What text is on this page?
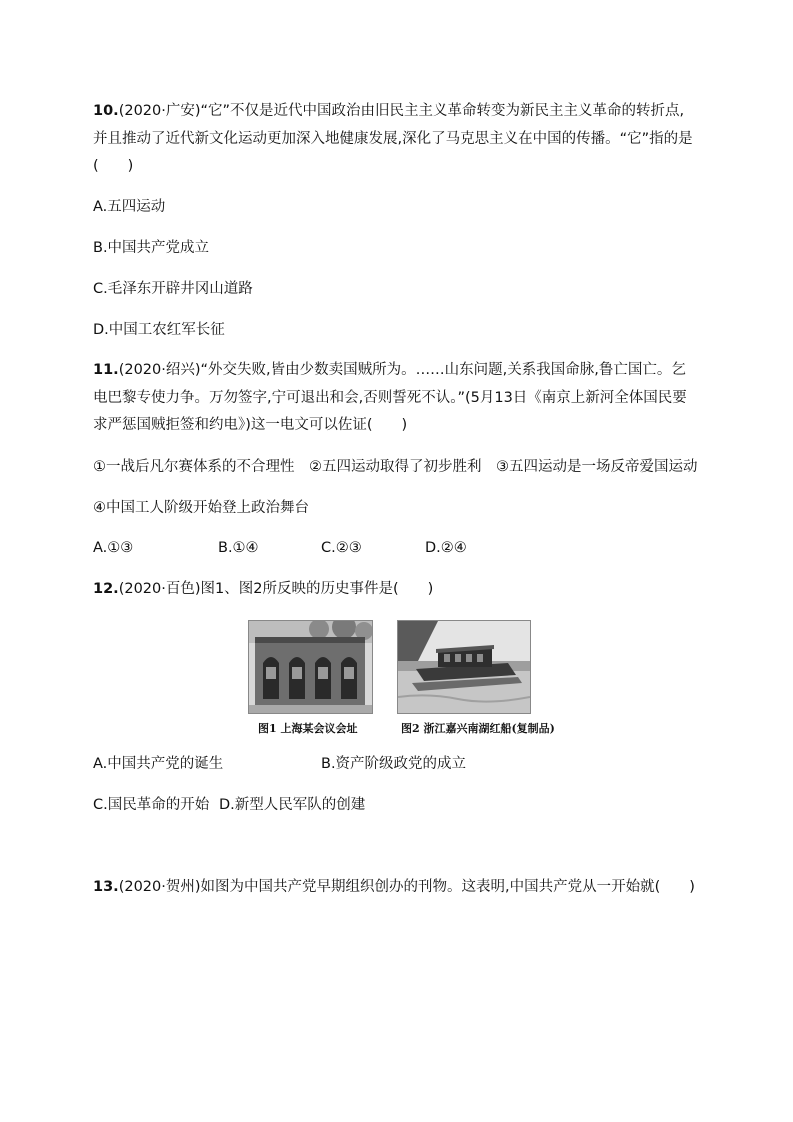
10.(2020·广安)“它”不仅是近代中国政治由旧民主主义革命转变为新民主主义革命的转折点,
并且推动了近代新文化运动更加深入地健康发展,深化了马克思主义在中国的传播。“它”指的是
(　　)
A.五四运动
B.中国共产党成立
C.毛泽东开辟井冈山道路
D.中国工农红军长征
11.(2020·绍兴)“外交失败,皆由少数卖国贼所为。……山东问题,关系我国命脉,鲁亡国亡。乞
电巴黎专使力争。万勿签字,宁可退出和会,否则誓死不认。”(5月13日《南京上新河全体国民要
求严惩国贼拒签和约电》)这一电文可以佐证(　　)
①一战后凡尔赛体系的不合理性　②五四运动取得了初步胜利　③五四运动是一场反帝爱国运动
④中国工人阶级开始登上政治舞台
A.①③	B.①④	C.②③	D.②④
12.(2020·百色)图1、图2所反映的历史事件是(　　)
图1 上海某会议会址	图2 浙江嘉兴南湖红船(复制品)
A.中国共产党的诞生	B.资产阶级政党的成立
C.国民革命的开始 D.新型人民军队的创建
13.(2020·贺州)如图为中国共产党早期组织创办的刊物。这表明,中国共产党从一开始就(　　)
